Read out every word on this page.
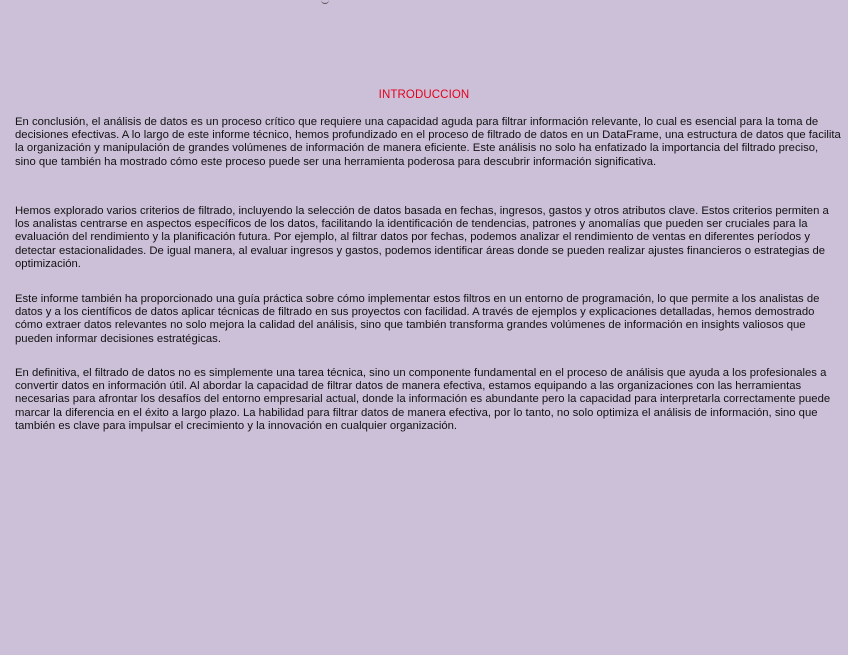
INTRODUCCION

En conclusión, el análisis de datos es un proceso crítico que requiere una capacidad aguda para filtrar información relevante, lo cual es esencial para la toma de decisiones efectivas. A lo largo de este informe técnico, hemos profundizado en el proceso de filtrado de datos en un DataFrame, una estructura de datos que facilita la organización y manipulación de grandes volúmenes de información de manera eficiente. Este análisis no solo ha enfatizado la importancia del filtrado preciso, sino que también ha mostrado cómo este proceso puede ser una herramienta poderosa para descubrir información significativa.

Hemos explorado varios criterios de filtrado, incluyendo la selección de datos basada en fechas, ingresos, gastos y otros atributos clave. Estos criterios permiten a los analistas centrarse en aspectos específicos de los datos, facilitando la identificación de tendencias, patrones y anomalías que pueden ser cruciales para la evaluación del rendimiento y la planificación futura. Por ejemplo, al filtrar datos por fechas, podemos analizar el rendimiento de ventas en diferentes períodos y detectar estacionalidades. De igual manera, al evaluar ingresos y gastos, podemos identificar áreas donde se pueden realizar ajustes financieros o estrategias de optimización.

Este informe también ha proporcionado una guía práctica sobre cómo implementar estos filtros en un entorno de programación, lo que permite a los analistas de datos y a los científicos de datos aplicar técnicas de filtrado en sus proyectos con facilidad. A través de ejemplos y explicaciones detalladas, hemos demostrado cómo extraer datos relevantes no solo mejora la calidad del análisis, sino que también transforma grandes volúmenes de información en insights valiosos que pueden informar decisiones estratégicas.

En definitiva, el filtrado de datos no es simplemente una tarea técnica, sino un componente fundamental en el proceso de análisis que ayuda a los profesionales a convertir datos en información útil. Al abordar la capacidad de filtrar datos de manera efectiva, estamos equipando a las organizaciones con las herramientas necesarias para afrontar los desafíos del entorno empresarial actual, donde la información es abundante pero la capacidad para interpretarla correctamente puede marcar la diferencia en el éxito a largo plazo. La habilidad para filtrar datos de manera efectiva, por lo tanto, no solo optimiza el análisis de información, sino que también es clave para impulsar el crecimiento y la innovación en cualquier organización.
